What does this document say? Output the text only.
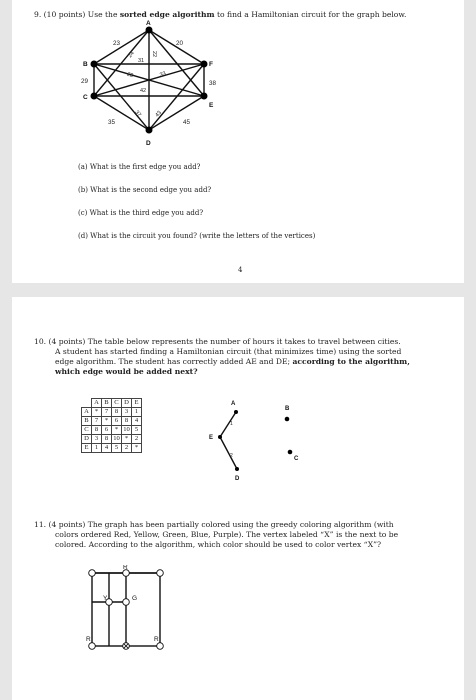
9. (10 points) Use the sorted edge algorithm to find a Hamiltonian circuit for the graph below.
A
B
C
D
E
F
23	20
24
31
22
29	38
28	33
42
35	45
37 43
(a) What is the first edge you add?
(b) What is the second edge you add?
(c) What is the third edge you add?
(d) What is the circuit you found? (write the letters of the vertices)
4
10. (4 points) The table below represents the number of hours it takes to travel between cities.
A student has started finding a Hamiltonian circuit (that minimizes time) using the sorted
edge algorithm. The student has correctly added AE and DE; according to the algorithm,
which edge would be added next?
	A	B	C	D	E
A	*	7	8	3	1
B	7	*	6	8	4
C	8	6	*	10	5
D	3	8	10	*	2
E	1	4	5	2	*
A
B
C
D
E
1
2
11. (4 points) The graph has been partially colored using the greedy coloring algorithm (with
colors ordered Red, Yellow, Green, Blue, Purple). The vertex labeled “X” is the next to be
colored. According to the algorithm, which color should be used to color vertex “X”?
R
Y	G
R	R
